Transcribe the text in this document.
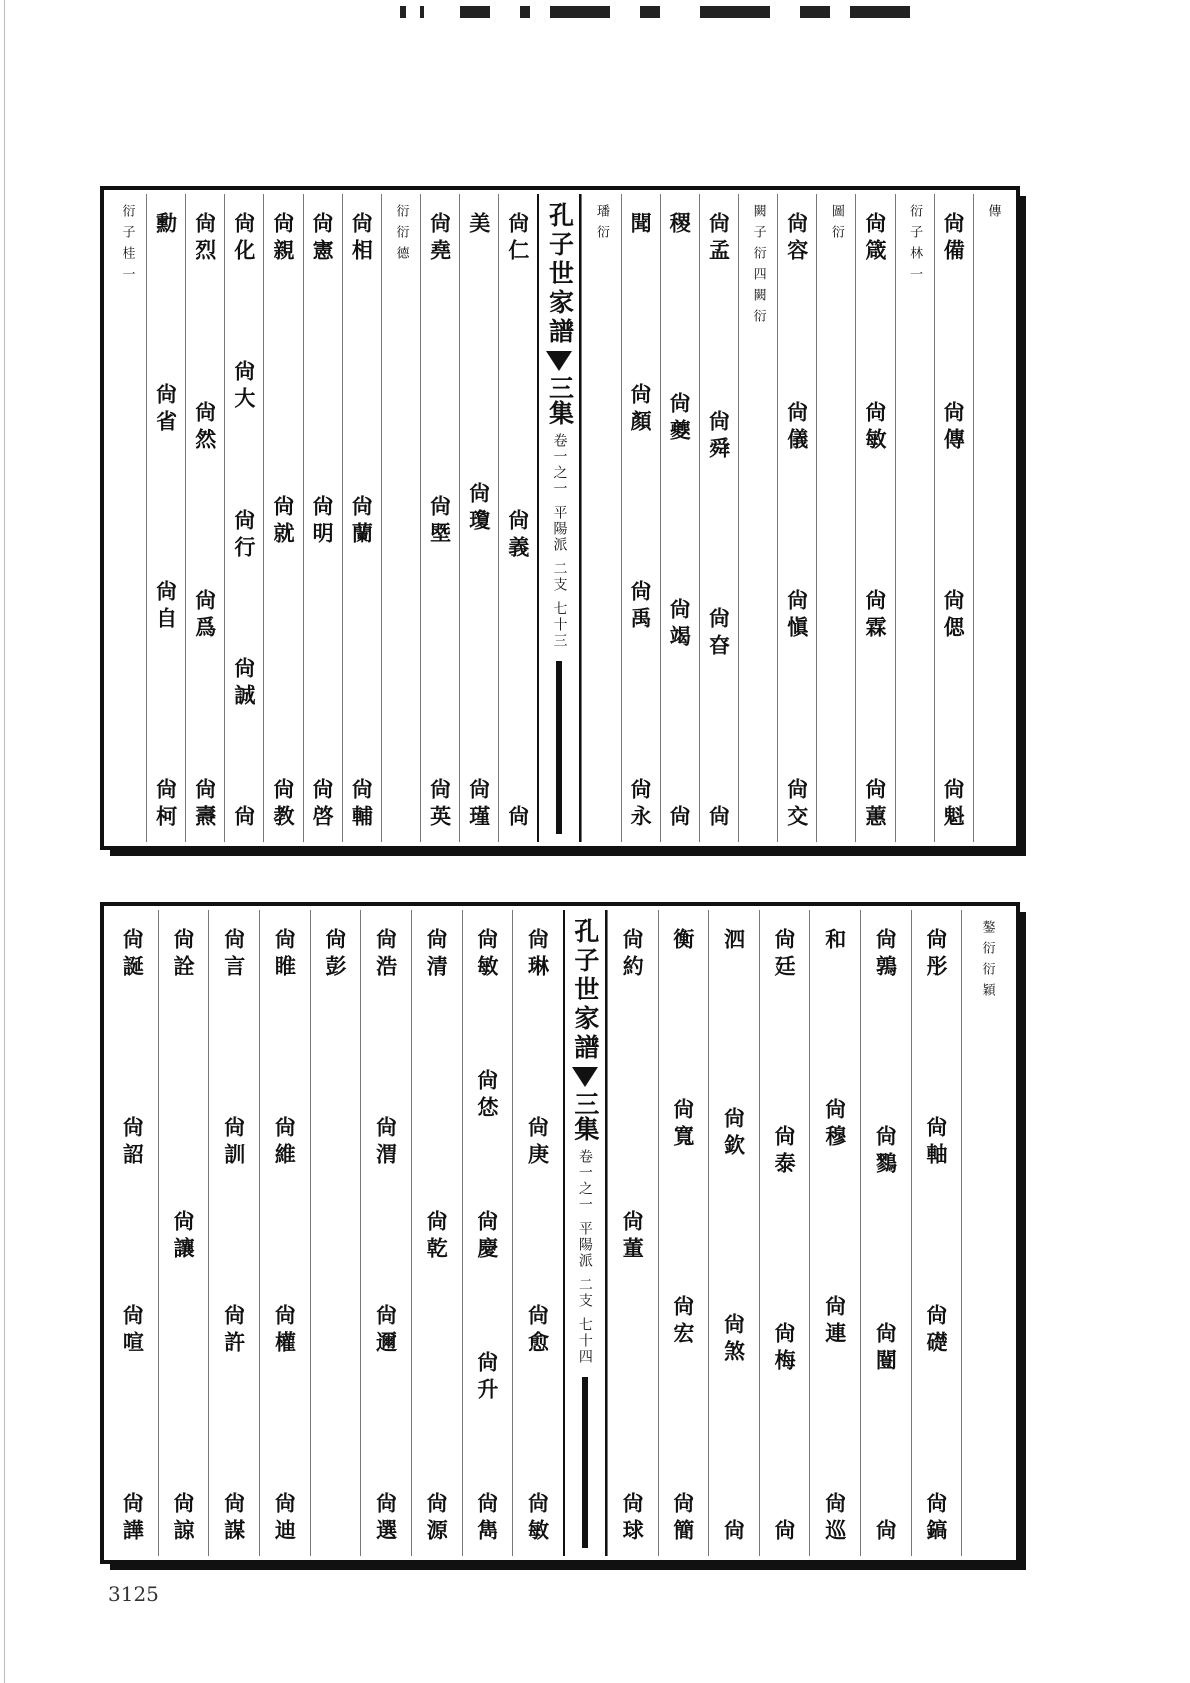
傳
尙備
尙傳
尙偲
尙魁
衍子林一
尙箴
尙敏
尙霖
尙蕙
圖衍
尙容
尙儀
尙愼
尙交
闕子衍四闕衍
尙孟
尙舜
尙昚
尙
稷
尙夔
尙竭
尙
聞
尙顏
尙禹
尙永
璠衍
孔子世家譜
三集
卷一之一
平陽派
二支
七十三
尙仁
尙義
尙
美
尙瓊
尙瑾
尙堯
尙塈
尙英
衍衍德
尙相
尙蘭
尙輔
尙憲
尙明
尙啓
尙親
尙就
尙教
尙化
尙大
尙行
尙誠
尙
尙烈
尙然
尙爲
尙燾
勳
尙省
尙自
尙柯
衍子桂一
鏊衍衍穎
尙彤
尙軸
尙礎
尙鎬
尙鶉
尙鷚
尙闓
尙
和
尙穆
尙連
尙巡
尙廷
尙泰
尙梅
尙
泗
尙欽
尙煞
尙
衡
尙寬
尙宏
尙簡
尙約
尙董
尙球
孔子世家譜
三集
卷一之一
平陽派
二支
七十四
尙琳
尙庚
尙愈
尙敏
尙敏
尙恷
尙慶
尙升
尙雋
尙清
尙乾
尙源
尙浩
尙渭
尙邇
尙選
尙彭
尙睢
尙維
尙權
尙迪
尙言
尙訓
尙許
尙謀
尙詮
尙讓
尙諒
尙誕
尙詔
尙喧
尙譁
3125
